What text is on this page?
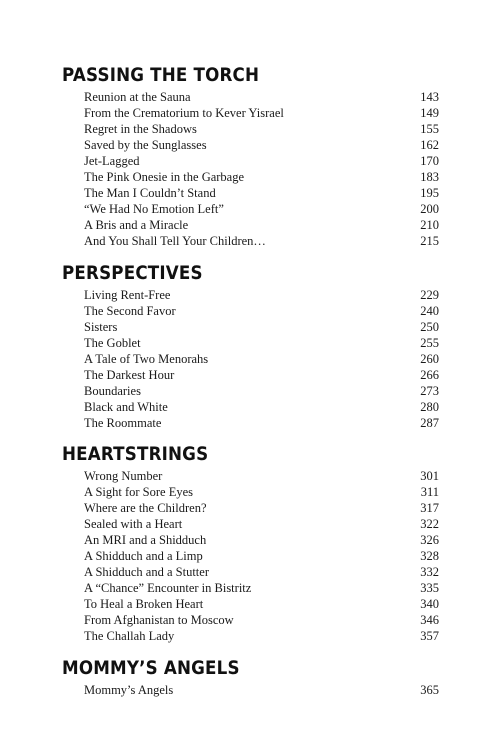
PASSING THE TORCH
Reunion at the Sauna	143
From the Crematorium to Kever Yisrael	149
Regret in the Shadows	155
Saved by the Sunglasses	162
Jet-Lagged	170
The Pink Onesie in the Garbage	183
The Man I Couldn’t Stand	195
“We Had No Emotion Left”	200
A Bris and a Miracle	210
And You Shall Tell Your Children…	215
PERSPECTIVES
Living Rent-Free	229
The Second Favor	240
Sisters	250
The Goblet	255
A Tale of Two Menorahs	260
The Darkest Hour	266
Boundaries	273
Black and White	280
The Roommate	287
HEARTSTRINGS
Wrong Number	301
A Sight for Sore Eyes	311
Where are the Children?	317
Sealed with a Heart	322
An MRI and a Shidduch	326
A Shidduch and a Limp	328
A Shidduch and a Stutter	332
A “Chance” Encounter in Bistritz	335
To Heal a Broken Heart	340
From Afghanistan to Moscow	346
The Challah Lady	357
MOMMY’S ANGELS
Mommy’s Angels	365
